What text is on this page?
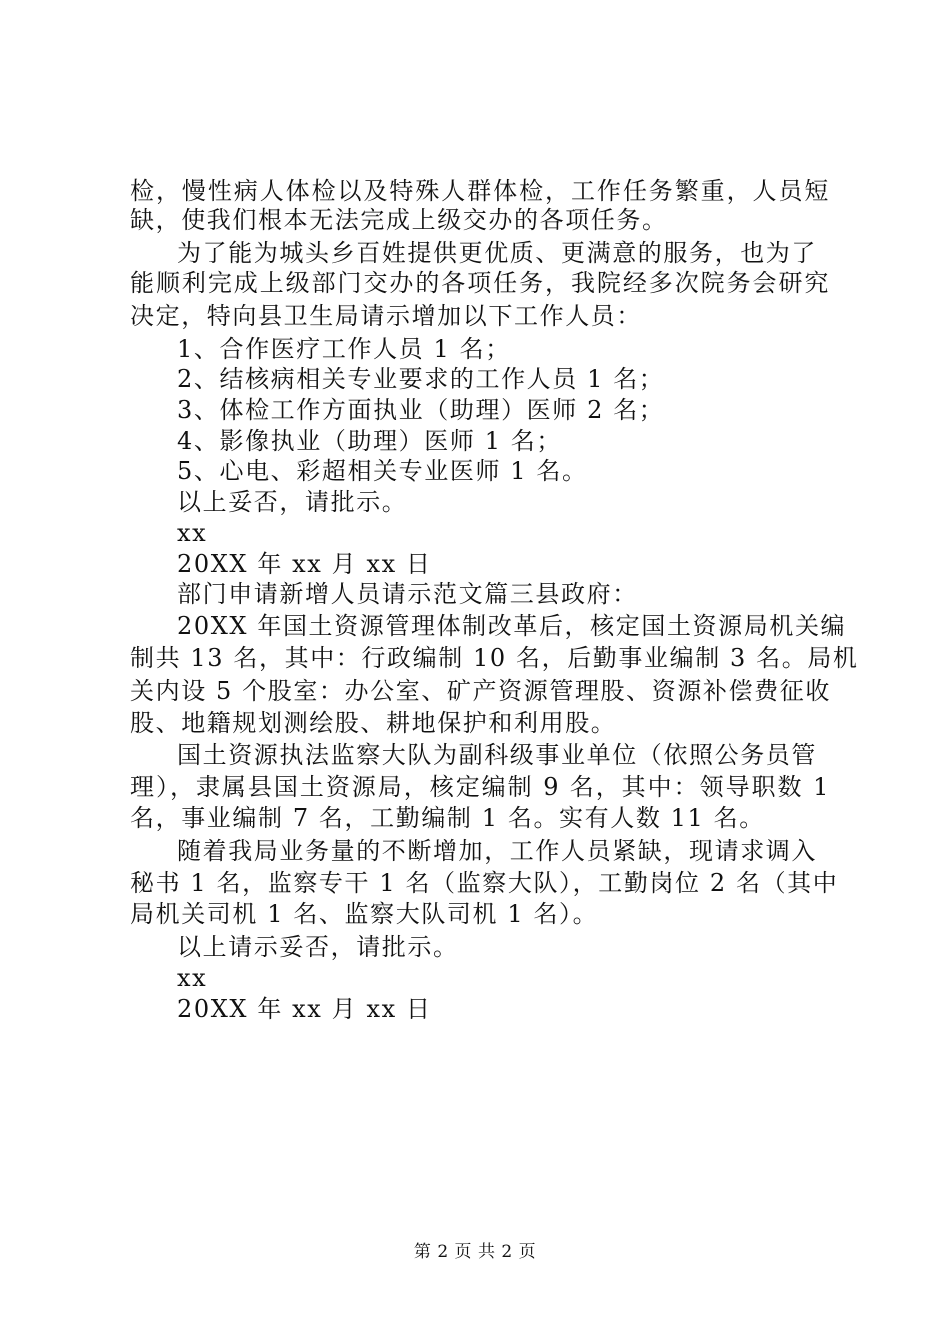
检，慢性病人体检以及特殊人群体检，工作任务繁重，人员短
缺，使我们根本无法完成上级交办的各项任务。
为了能为城头乡百姓提供更优质、更满意的服务，也为了
能顺利完成上级部门交办的各项任务，我院经多次院务会研究
决定，特向县卫生局请示增加以下工作人员：
1、合作医疗工作人员 1 名；
2、结核病相关专业要求的工作人员 1 名；
3、体检工作方面执业（助理）医师 2 名；
4、影像执业（助理）医师 1 名；
5、心电、彩超相关专业医师 1 名。
以上妥否，请批示。
xx
20XX 年 xx 月 xx 日
部门申请新增人员请示范文篇三县政府：
20XX 年国土资源管理体制改革后，核定国土资源局机关编
制共 13 名，其中：行政编制 10 名，后勤事业编制 3 名。局机
关内设 5 个股室：办公室、矿产资源管理股、资源补偿费征收
股、地籍规划测绘股、耕地保护和利用股。
国土资源执法监察大队为副科级事业单位（依照公务员管
理），隶属县国土资源局，核定编制 9 名，其中：领导职数 1
名，事业编制 7 名，工勤编制 1 名。实有人数 11 名。
随着我局业务量的不断增加，工作人员紧缺，现请求调入
秘书 1 名，监察专干 1 名（监察大队），工勤岗位 2 名（其中
局机关司机 1 名、监察大队司机 1 名）。
以上请示妥否，请批示。
xx
20XX 年 xx 月 xx 日
第 2 页 共 2 页
